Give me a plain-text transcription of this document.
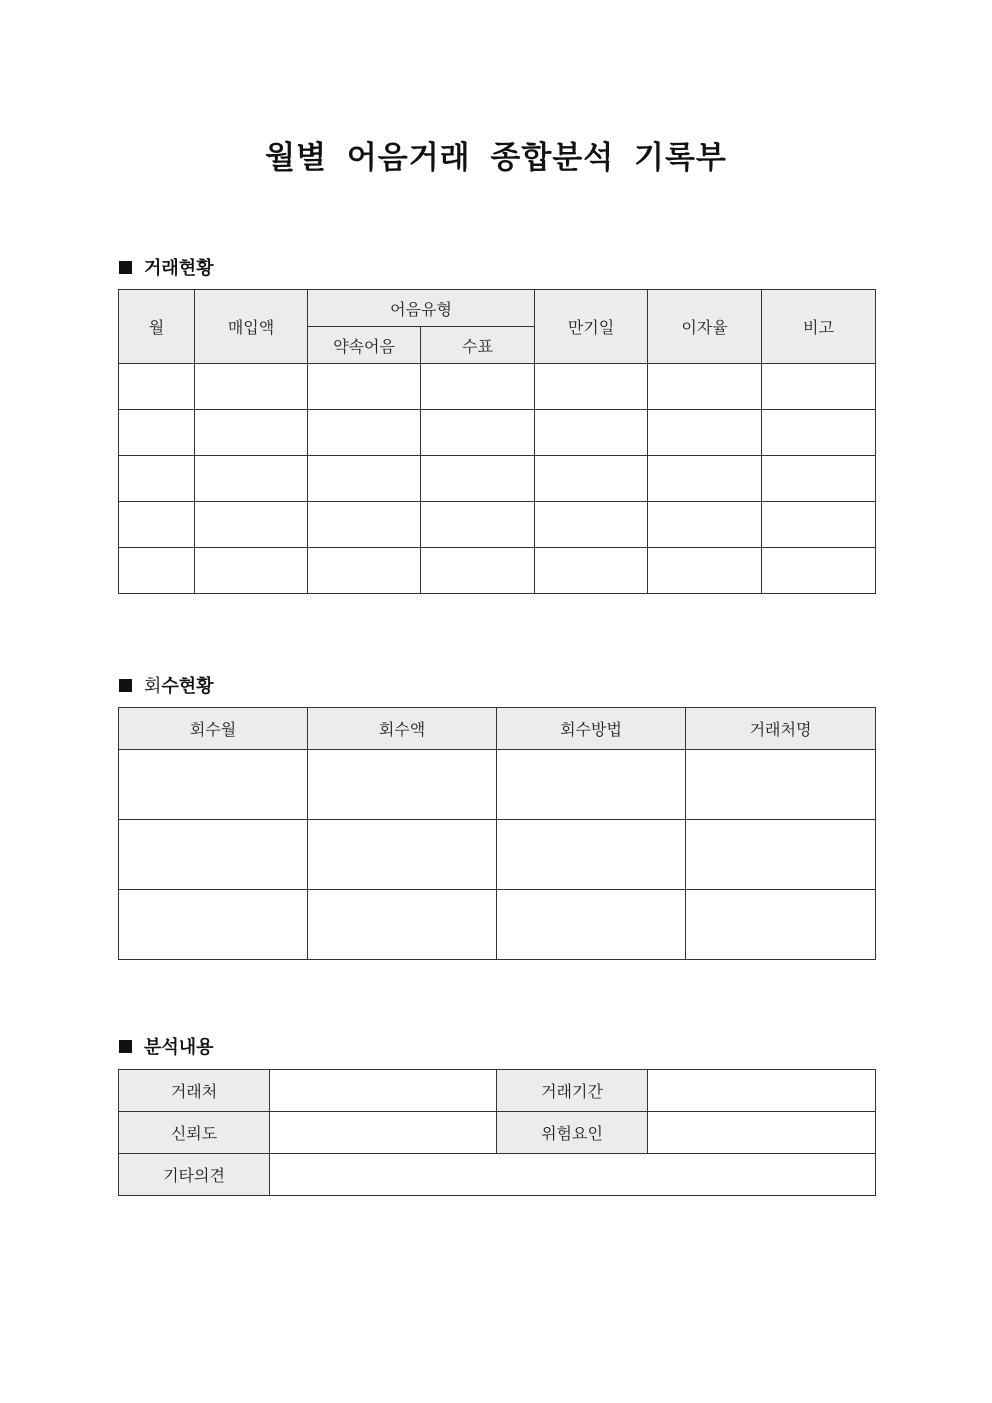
월별 어음거래 종합분석 기록부
거래현황
월	매입액	어음유형		만기일	이자율	비고
		약속어음	수표			

회 수현황
회수월	회수액	회수방법	거래처명

분석내용
거래처		거래기간	
신뢰도		위험요인	
기타의견			
